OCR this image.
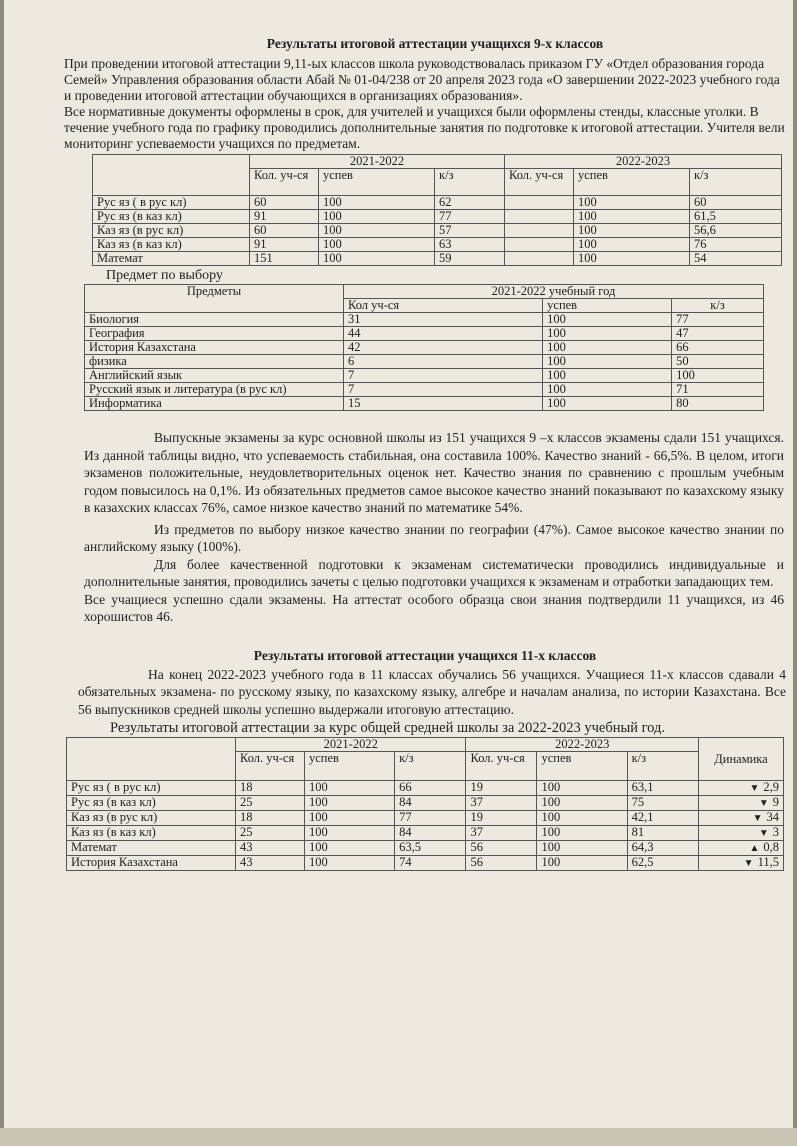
Результаты итоговой аттестации учащихся 9-х классов

При проведении итоговой аттестации 9,11-ых классов школа руководствовалась приказом ГУ «Отдел образования города Семей» Управления образования области Абай № 01-04/238 от 20 апреля 2023 года «О завершении 2022-2023 учебного года и проведении итоговой аттестации обучающихся в организациях образования».

Все нормативные документы оформлены в срок, для учителей и учащихся были оформлены стенды, классные уголки. В течение учебного года по графику проводились дополнительные занятия по подготовке к итоговой аттестации. Учителя вели мониторинг успеваемости учащихся по предметам.

	2021-2022			2022-2023		
	Кол. уч-ся	успев	к/з	Кол. уч-ся	успев	к/з
Рус яз ( в рус кл)	60	100	62		100	60
Рус яз (в каз кл)	91	100	77		100	61,5
Каз яз (в рус кл)	60	100	57		100	56,6
Каз яз (в каз кл)	91	100	63		100	76
Математ	151	100	59		100	54
Предмет по выбору
Предметы	2021-2022 учебный год		
	Кол уч-ся	успев	к/з
Биология	31	100	77
География	44	100	47
История Казахстана	42	100	66
физика	6	100	50
Английский язык	7	100	100
Русский язык и литература (в рус кл)	7	100	71
Информатика	15	100	80

Выпускные экзамены за курс основной школы из 151 учащихся 9 –х классов экзамены сдали 151 учащихся. Из данной таблицы видно, что успеваемость стабильная, она составила 100%. Качество знаний - 66,5%. В целом, итоги экзаменов положительные, неудовлетворительных оценок нет. Качество знания по сравнению с прошлым учебным годом повысилось на 0,1%. Из обязательных предметов самое высокое качество знаний показывают по казахскому языку в казахских классах 76%, самое низкое качество знаний по математике 54%.

Из предметов по выбору низкое качество знании по географии (47%). Самое высокое качество знании по английскому языку (100%).

Для более качественной подготовки к экзаменам систематически проводились индивидуальные и дополнительные занятия, проводились зачеты с целью подготовки учащихся к экзаменам и отработки западающих тем.

Все учащиеся успешно сдали экзамены. На аттестат особого образца свои знания подтвердили 11 учащихся, из 46 хорошистов 46.

Результаты итоговой аттестации учащихся 11-х классов

На конец 2022-2023 учебного года в 11 классах обучались 56 учащихся. Учащиеся 11-х классов сдавали 4 обязательных экзамена- по русскому языку, по казахскому языку, алгебре и началам анализа, по истории Казахстана. Все 56 выпускников средней школы успешно выдержали итоговую аттестацию.

Результаты итоговой аттестации за курс общей средней школы за 2022-2023 учебный год.
	2021-2022			2022-2023			Динамика
	Кол. уч-ся	успев	к/з	Кол. уч-ся	успев	к/з	
Рус яз ( в рус кл)	18	100	66	19	100	63,1	▼ 2,9
Рус яз (в каз кл)	25	100	84	37	100	75	▼ 9
Каз яз (в рус кл)	18	100	77	19	100	42,1	▼ 34
Каз яз (в каз кл)	25	100	84	37	100	81	▼ 3
Математ	43	100	63,5	56	100	64,3	▲ 0,8
История Казахстана	43	100	74	56	100	62,5	▼ 11,5
